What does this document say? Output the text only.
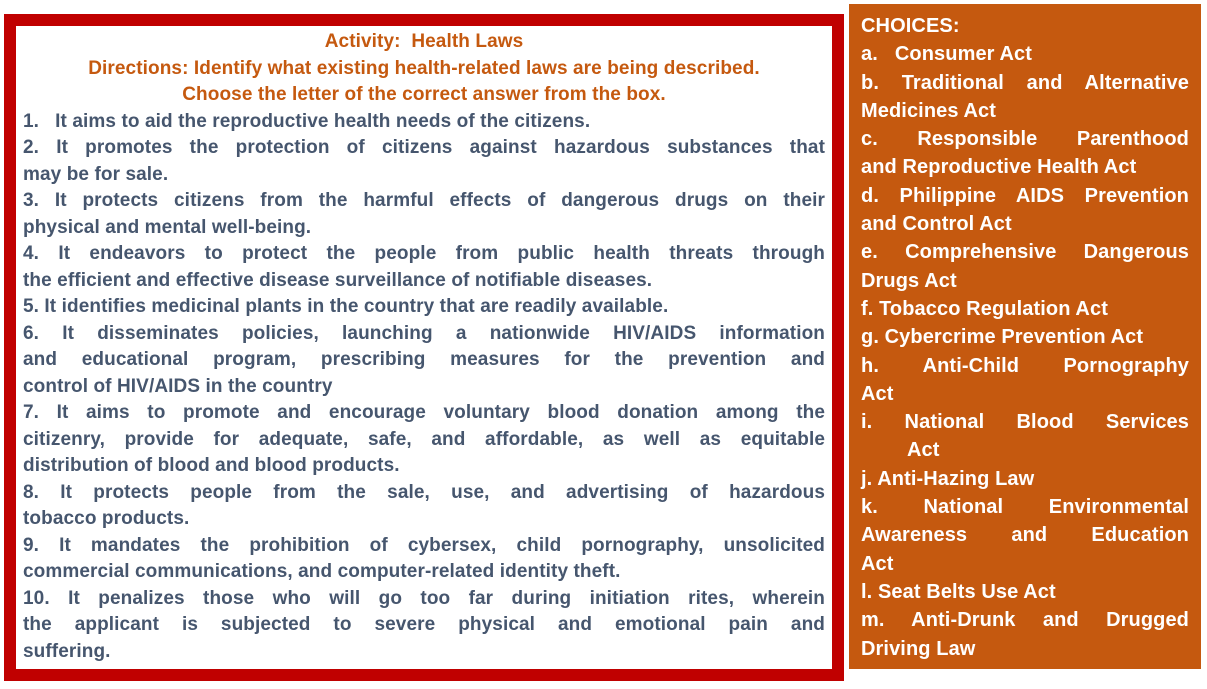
Activity:  Health Laws
Directions: Identify what existing health-related laws are being described.
Choose the letter of the correct answer from the box.
1.   It aims to aid the reproductive health needs of the citizens.
2. It promotes the protection of citizens against hazardous substances that
may be for sale.
3. It protects citizens from the harmful effects of dangerous drugs on their
physical and mental well-being.
4. It endeavors to protect the people from public health threats through
the efficient and effective disease surveillance of notifiable diseases.
5. It identifies medicinal plants in the country that are readily available.
6. It disseminates policies, launching a nationwide HIV/AIDS information
and educational program, prescribing measures for the prevention and
control of HIV/AIDS in the country
7. It aims to promote and encourage voluntary blood donation among the
citizenry, provide for adequate, safe, and affordable, as well as equitable
distribution of blood and blood products.
8. It protects people from the sale, use, and advertising of hazardous
tobacco products.
9. It mandates the prohibition of cybersex, child pornography, unsolicited
commercial communications, and computer-related identity theft.
10. It penalizes those who will go too far during initiation rites, wherein
the applicant is subjected to severe physical and emotional pain and
suffering.
CHOICES:
a.   Consumer Act
b. Traditional and Alternative
Medicines Act
c. Responsible Parenthood
and Reproductive Health Act
d. Philippine AIDS Prevention
and Control Act
e. Comprehensive Dangerous
Drugs Act
f. Tobacco Regulation Act
g. Cybercrime Prevention Act
h. Anti-Child Pornography
Act
i. National Blood Services
Act
j. Anti-Hazing Law
k. National Environmental
Awareness and Education
Act
l. Seat Belts Use Act
m. Anti-Drunk and Drugged
Driving Law
